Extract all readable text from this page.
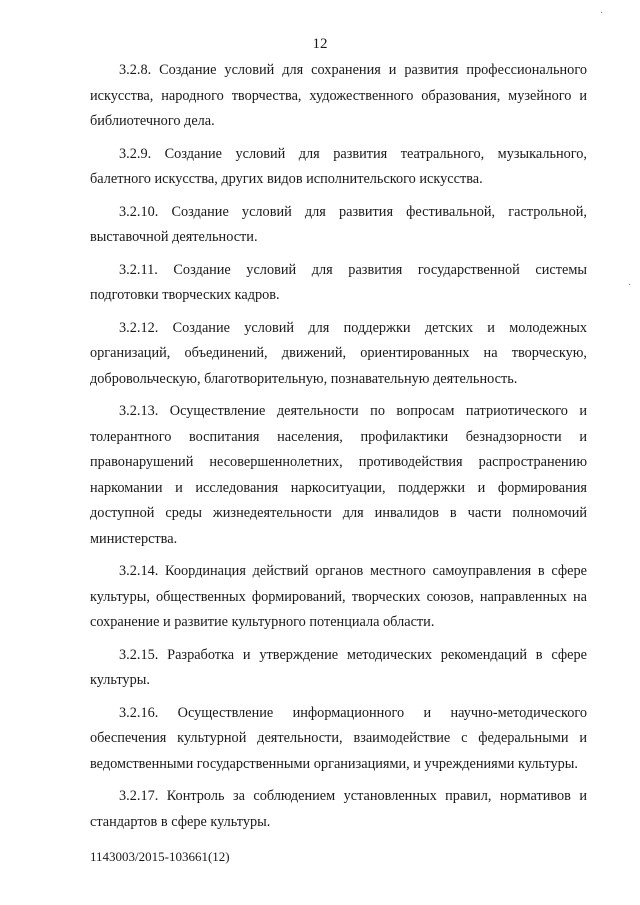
·
·
12

3.2.8. Создание условий для сохранения и развития профессионального искусства, народного творчества, художественного образования, музейного и библиотечного дела.

3.2.9. Создание условий для развития театрального, музыкального, балетного искусства, других видов исполнительского искусства.

3.2.10. Создание условий для развития фестивальной, гастрольной, выставочной деятельности.

3.2.11. Создание условий для развития государственной системы подготовки творческих кадров.

3.2.12. Создание условий для поддержки детских и молодежных организаций, объединений, движений, ориентированных на творческую, добровольческую, благотворительную, познавательную деятельность.

3.2.13. Осуществление деятельности по вопросам патриотического и толерантного воспитания населения, профилактики безнадзорности и правонарушений несовершеннолетних, противодействия распространению наркомании и исследования наркоситуации, поддержки и формирования доступной среды жизнедеятельности для инвалидов в части полномочий министерства.

3.2.14. Координация действий органов местного самоуправления в сфере культуры, общественных формирований, творческих союзов, направленных на сохранение и развитие культурного потенциала области.

3.2.15. Разработка и утверждение методических рекомендаций в сфере культуры.

3.2.16. Осуществление информационного и научно-методического обеспечения культурной деятельности, взаимодействие с федеральными и ведомственными государственными организациями, и учреждениями культуры.

3.2.17. Контроль за соблюдением установленных правил, нормативов и стандартов в сфере культуры.

1143003/2015-103661(12)
